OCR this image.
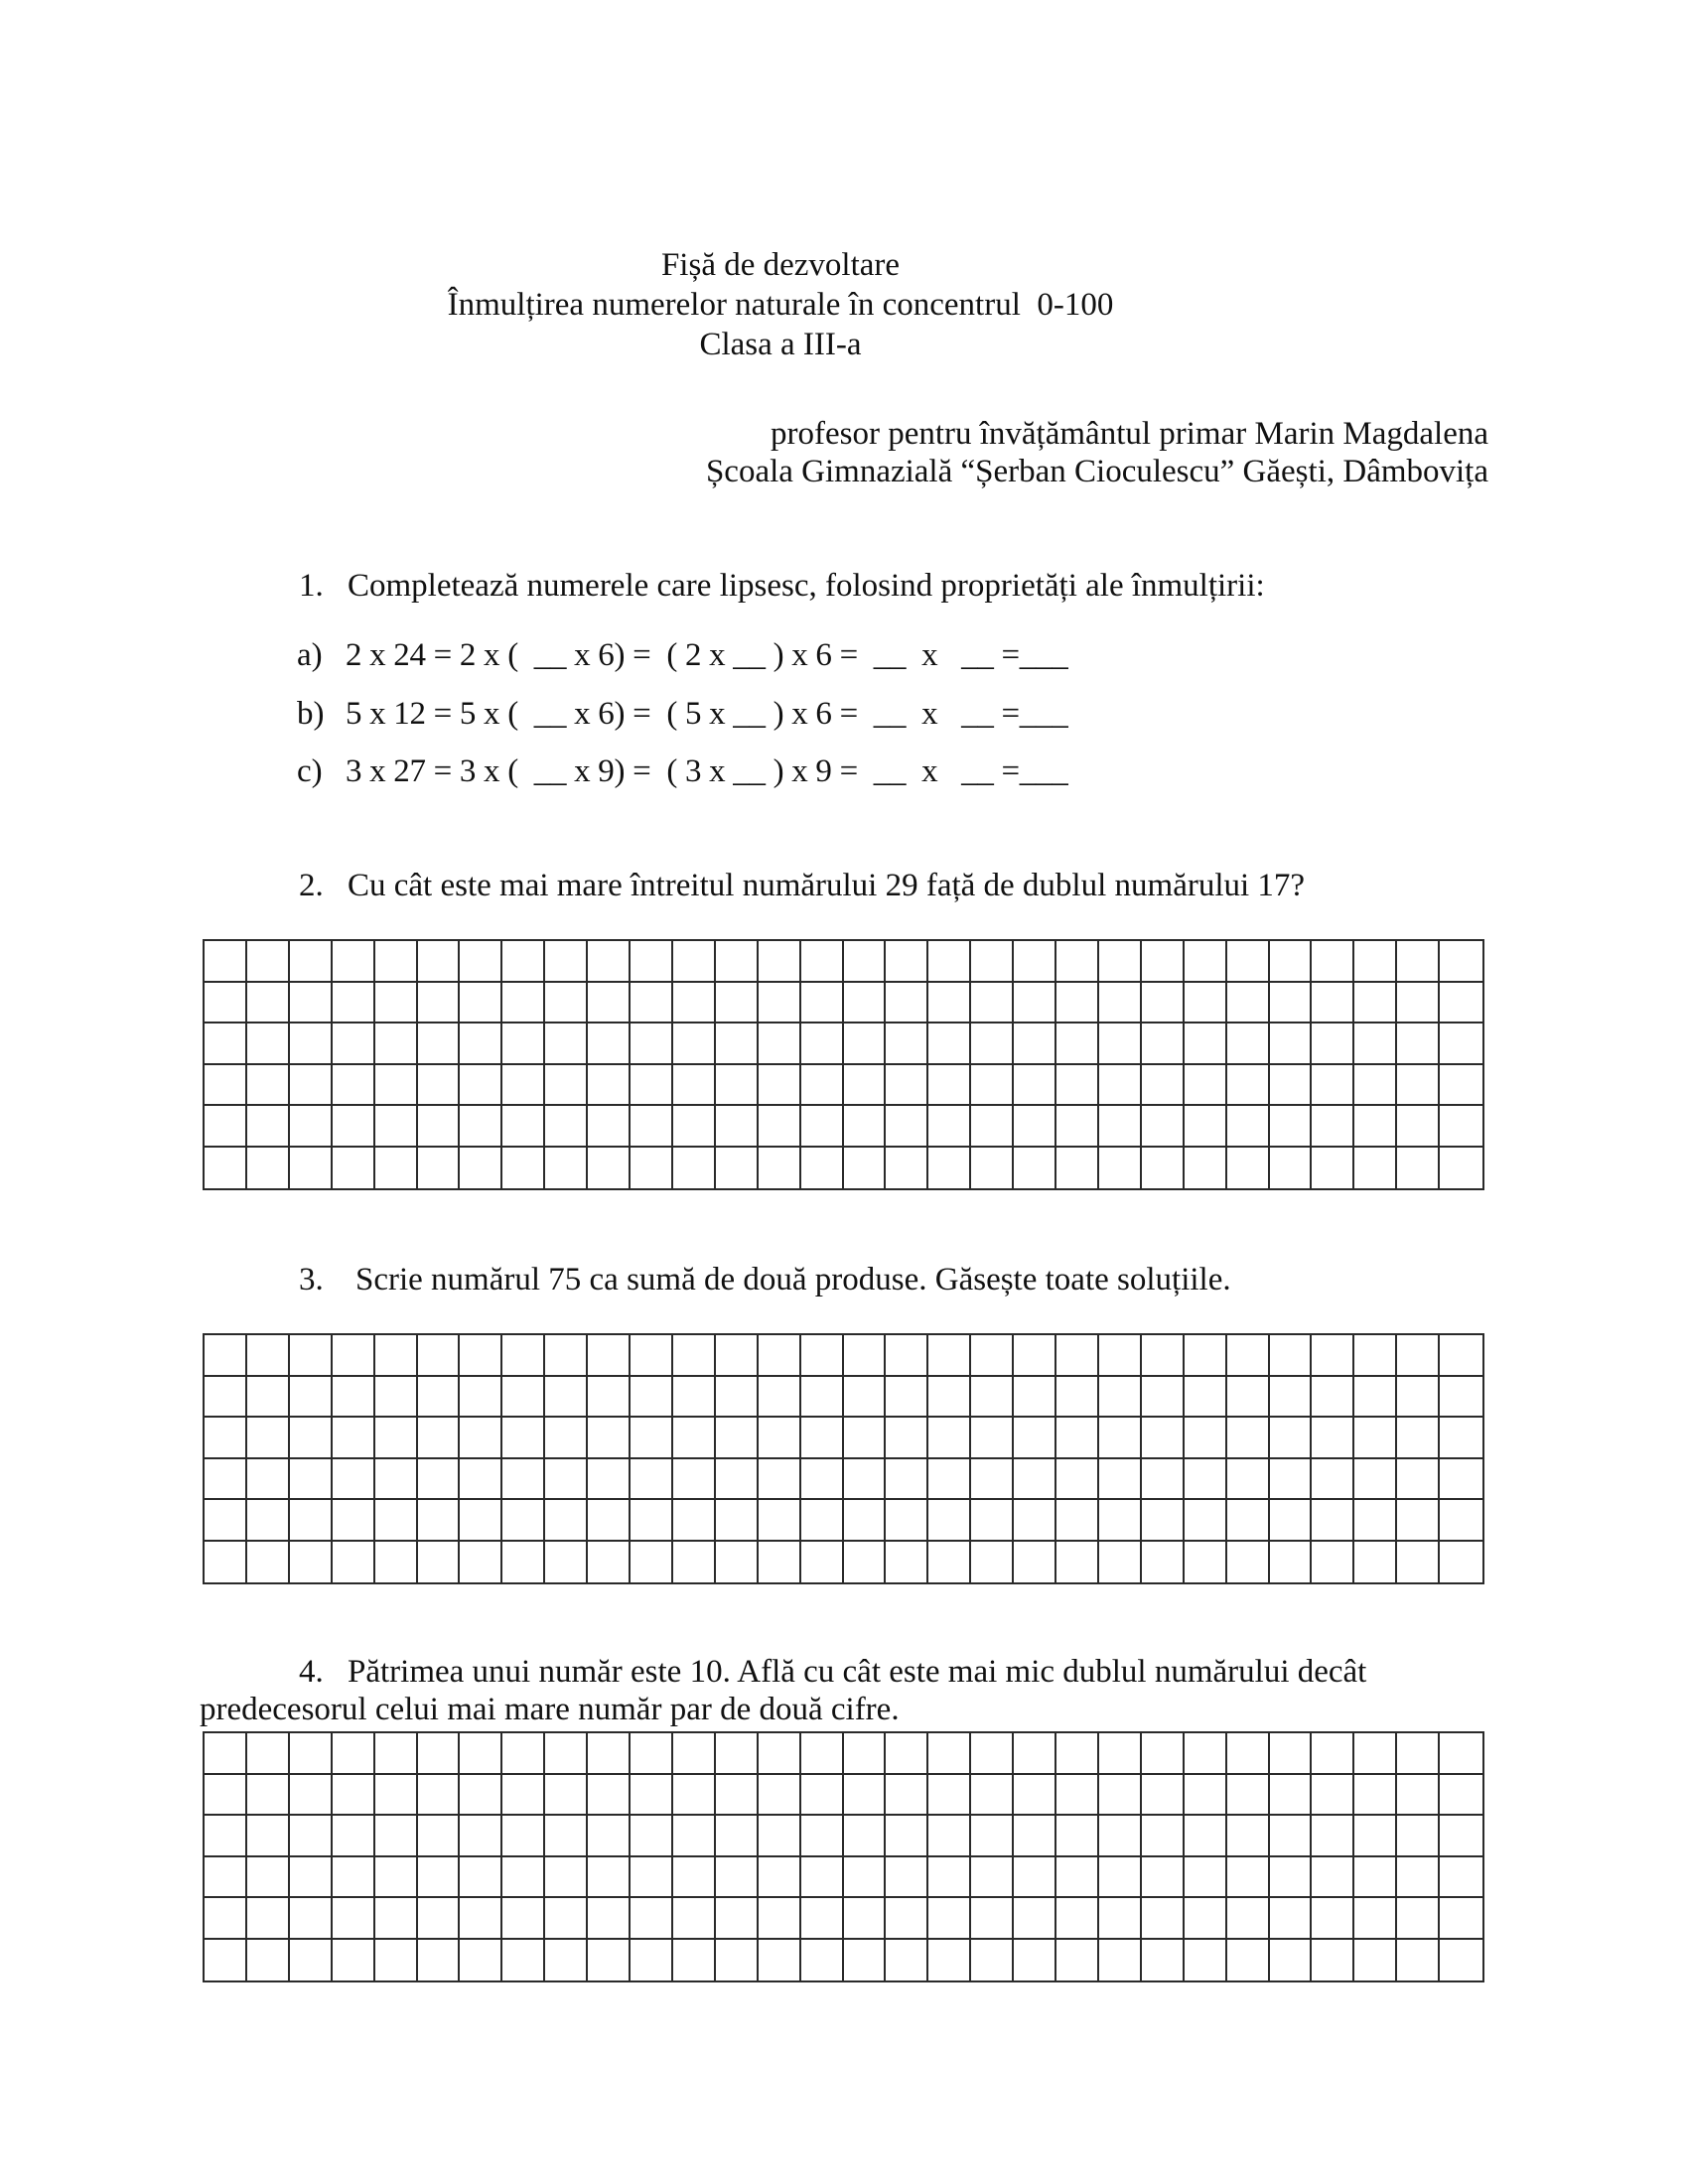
Fișă de dezvoltare
Înmulțirea numerelor naturale în concentrul  0-100
Clasa a III-a
profesor pentru învățământul primar Marin Magdalena
Școala Gimnazială “Șerban Cioculescu” Găești, Dâmbovița
1. Completează numerele care lipsesc, folosind proprietăți ale înmulțirii:
a) 2 x 24 = 2 x (  __ x 6) =  ( 2 x __ ) x 6 =  __  x   __ =___
b) 5 x 12 = 5 x (  __ x 6) =  ( 5 x __ ) x 6 =  __  x   __ =___
c) 3 x 27 = 3 x (  __ x 9) =  ( 3 x __ ) x 9 =  __  x   __ =___
2. Cu cât este mai mare întreitul numărului 29 față de dublul numărului 17?
3. Scrie numărul 75 ca sumă de două produse. Găsește toate soluțiile.
4. Pătrimea unui număr este 10. Află cu cât este mai mic dublul numărului decât
predecesorul celui mai mare număr par de două cifre.
